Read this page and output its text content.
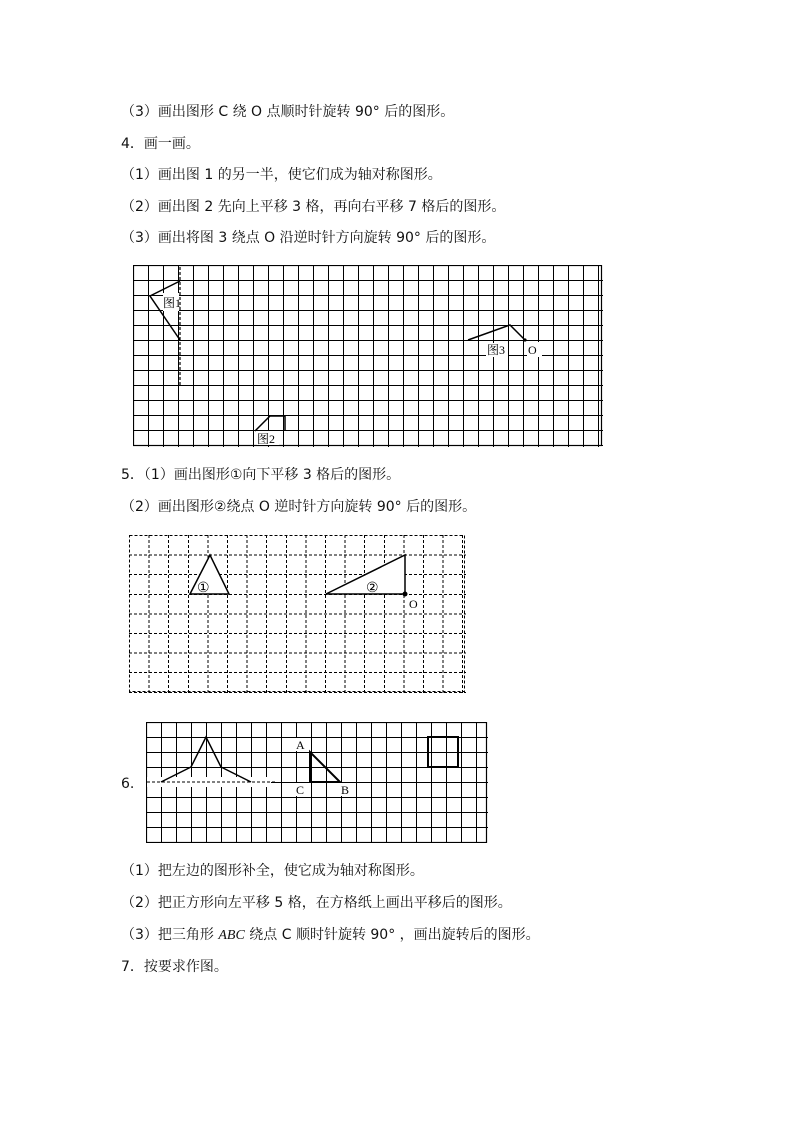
（3）画出图形 C 绕 O 点顺时针旋转 90° 后的图形。
4．画一画。
（1）画出图 1 的另一半，使它们成为轴对称图形。
（2）画出图 2 先向上平移 3 格，再向右平移 7 格后的图形。
（3）画出将图 3 绕点 O 沿逆时针方向旋转 90° 后的图形。
图1
图3 O
图2
5．（1）画出图形①向下平移 3 格后的图形。
（2）画出图形②绕点 O 逆时针方向旋转 90° 后的图形。
①	②
O
6.
A
C	B
（1）把左边的图形补全，使它成为轴对称图形。
（2）把正方形向左平移 5 格，在方格纸上画出平移后的图形。
（3）把三角形 ABC 绕点 C 顺时针旋转 90° ，画出旋转后的图形。
7．按要求作图。
